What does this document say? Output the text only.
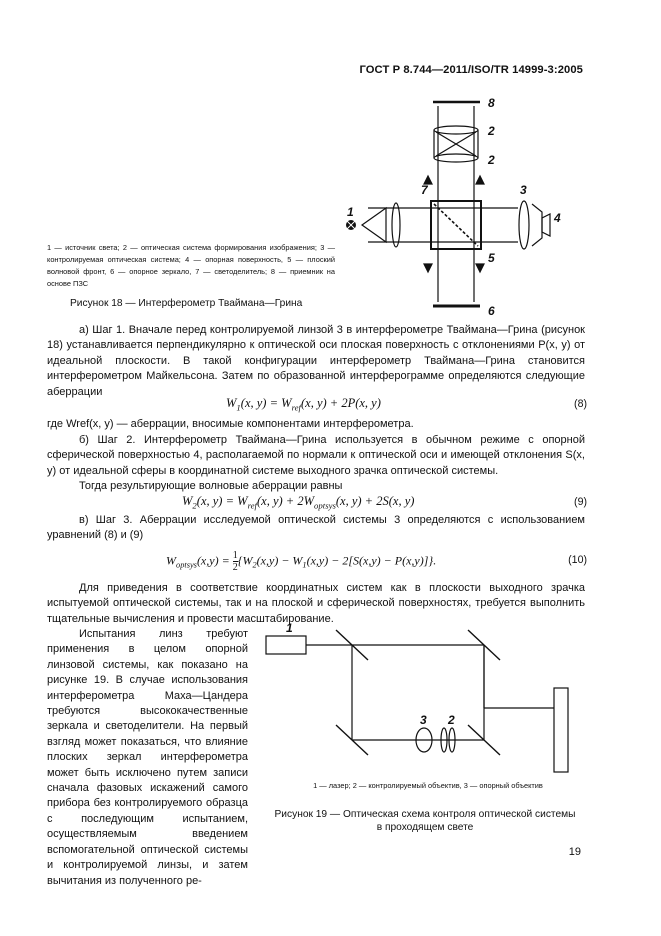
ГОСТ Р 8.744—2011/ISO/TR 14999-3:2005
8
2
2
7	3
1	4
5
6
1 — источник света; 2 — оптическая система формирования изображения; 3 — контролируемая оптическая система; 4 — опорная поверхность, 5 — плоский волновой фронт, 6 — опорное зеркало, 7 — светоделитель; 8 — приемник на основе ПЗС
Рисунок 18 — Интерферометр Тваймана—Грина

а) Шаг 1. Вначале перед контролируемой линзой 3 в интерферометре Тваймана—Грина (рисунок 18) устанавливается перпендикулярно к оптической оси плоская поверхность с отклонениями P(x, y) от идеальной плоскости. В такой конфигурации интерферометр Тваймана—Грина становится интерферометром Майкельсона. Затем по образованной интерферограмме определяются следующие аберрации

$W_1(x$, $y) = W_{ref}(x$, y) + 2P(x, y)	(8)

где Wref(x, y) — аберрации, вносимые компонентами интерферометра.

б) Шаг 2. Интерферометр Тваймана—Грина используется в обычном режиме с опорной сферической поверхностью 4, располагаемой по нормали к оптической оси и имеющей отклонения S(x, y) от идеальной сферы в координатной системе выходного зрачка оптической системы.

Тогда результирующие волновые аберрации равны

$W_2(x$, $y) = W_{ref}(x$, $y) + 2W_{optsys}(x$, y) + 2S(x, y)	(9)

в) Шаг 3. Аберрации исследуемой оптической системы 3 определяются с использованием уравнений (8) и (9)

$W_{optsys}(x,y) = 1$

2
$\{W_2(x,y) - W_1(x,y) - 2[S(x,y) - P(x,y)]\}$.	(10)

Для приведения в соответствие координатных систем как в плоскости выходного зрачка испытуемой оптической системы, так и на плоской и сферической поверхностях, требуется выполнить тщательные вычисления и провести масштабирование.

Испытания линз требуют применения в целом опорной линзовой системы, как показано на рисунке 19. В случае использования интерферометра Маха—Цандера требуются высококачественные зеркала и светоделители. На первый взгляд может показаться, что влияние плоских зеркал интерферометра может быть исключено путем записи сначала фазовых искажений самого прибора без контролируемого образца с последующим испытанием, осуществляемым введением вспомогательной оптической системы и контролируемой линзы, и затем вычитания из полученного ре-

1
3 2
1 — лазер; 2 — контролируемый объектив, 3 — опорный объектив
Рисунок 19 — Оптическая схема контроля оптической системы
в проходящем свете
19
